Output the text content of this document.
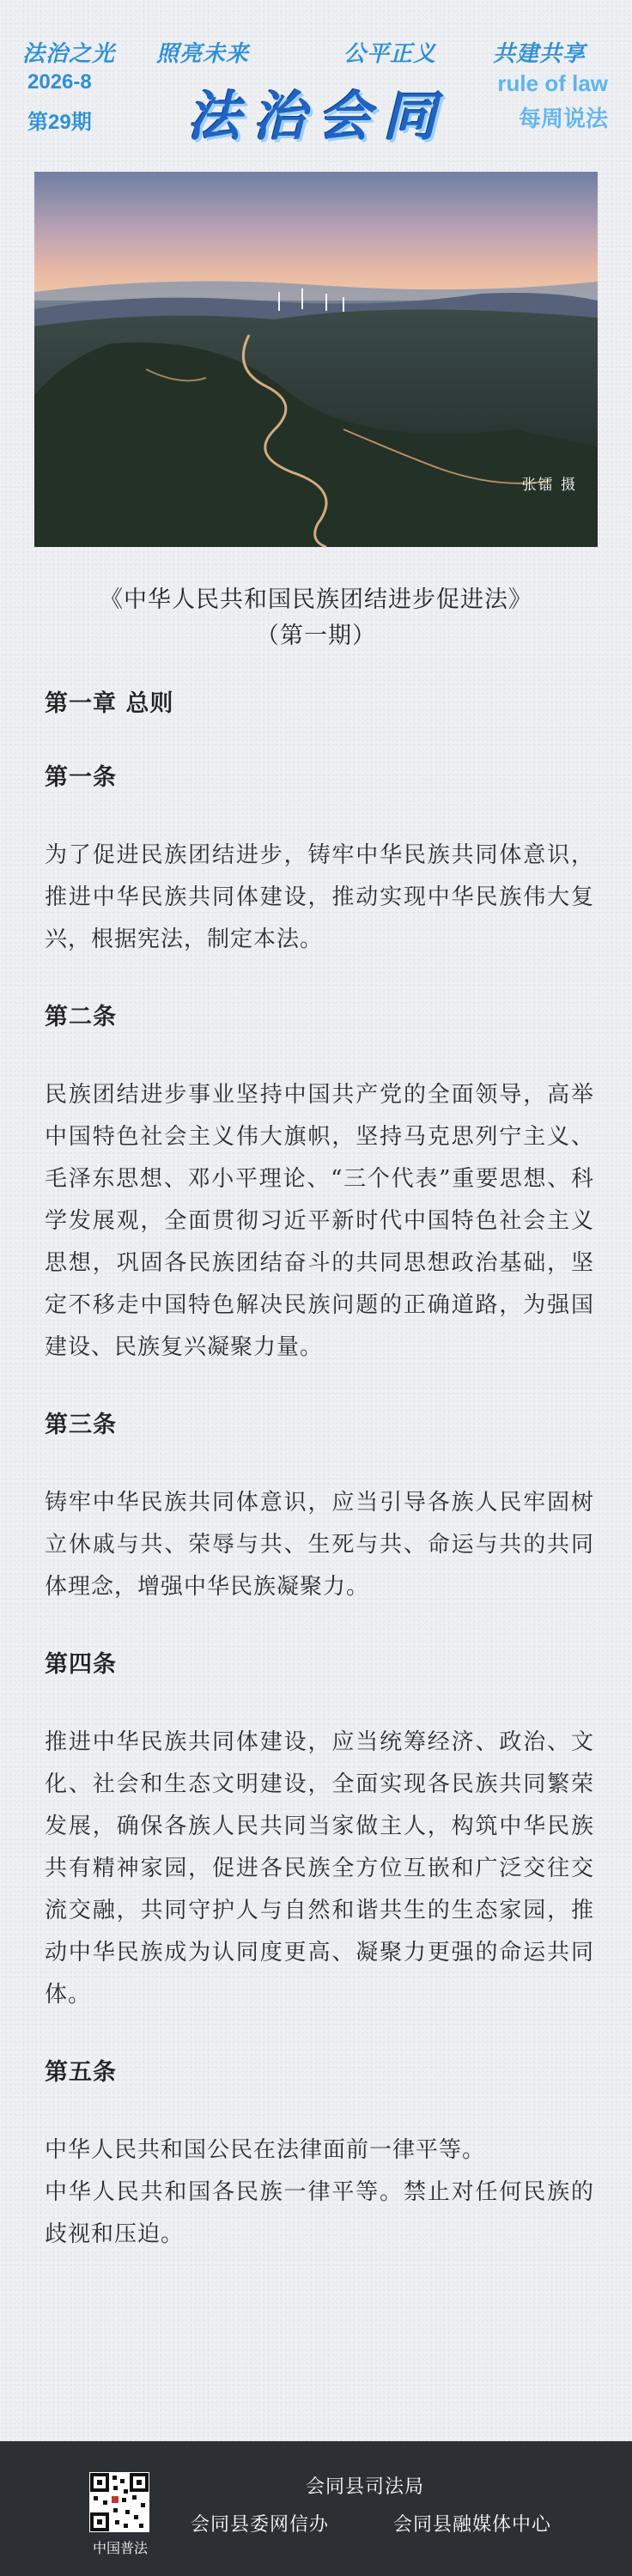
法治之光 照亮未来	公平正义	共建共享
2026-8
第29期	法治会同
rule of law
每周说法
张镭 摄
《中华人民共和国民族团结进步促进法》
（第一期）

第一章 总则

第一条

为了促进民族团结进步，铸牢中华民族共同体意识，推进中华民族共同体建设，推动实现中华民族伟大复兴，根据宪法，制定本法。

第二条

民族团结进步事业坚持中国共产党的全面领导，高举中国特色社会主义伟大旗帜，坚持马克思列宁主义、毛泽东思想、邓小平理论、“三个代表”重要思想、科学发展观，全面贯彻习近平新时代中国特色社会主义思想，巩固各民族团结奋斗的共同思想政治基础，坚定不移走中国特色解决民族问题的正确道路，为强国建设、民族复兴凝聚力量。

第三条

铸牢中华民族共同体意识，应当引导各族人民牢固树立休戚与共、荣辱与共、生死与共、命运与共的共同体理念，增强中华民族凝聚力。

第四条

推进中华民族共同体建设，应当统筹经济、政治、文化、社会和生态文明建设，全面实现各民族共同繁荣发展，确保各族人民共同当家做主人，构筑中华民族共有精神家园，促进各民族全方位互嵌和广泛交往交流交融，共同守护人与自然和谐共生的生态家园，推动中华民族成为认同度更高、凝聚力更强的命运共同体。

第五条

中华人民共和国公民在法律面前一律平等。

中华人民共和国各民族一律平等。禁止对任何民族的歧视和压迫。

中国普法
会同县司法局
会同县委网信办	会同县融媒体中心
